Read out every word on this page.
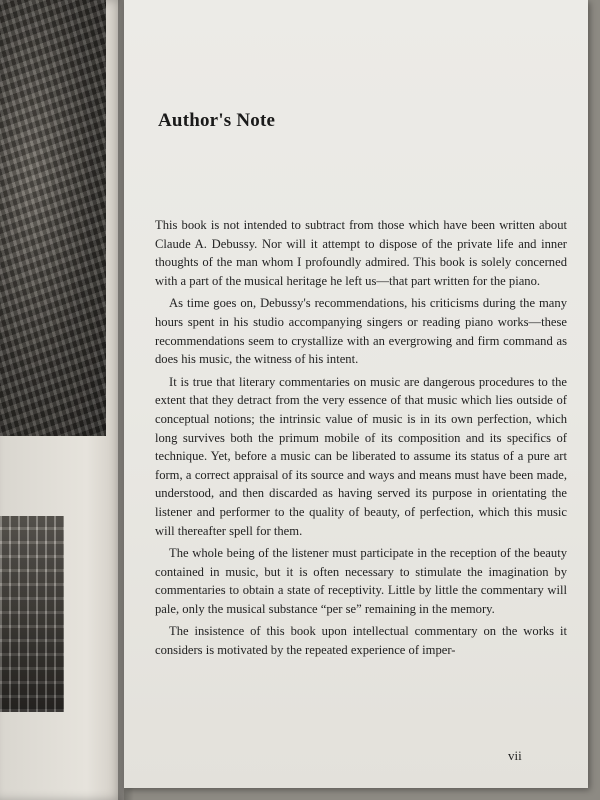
Author's Note

This book is not intended to subtract from those which have been written about Claude A. Debussy. Nor will it attempt to dispose of the private life and inner thoughts of the man whom I profoundly admired. This book is solely concerned with a part of the musical heritage he left us—that part written for the piano.

As time goes on, Debussy's recommendations, his criticisms during the many hours spent in his studio accompanying singers or reading piano works—these recommendations seem to crystallize with an evergrowing and firm command as does his music, the witness of his intent.

It is true that literary commentaries on music are dangerous procedures to the extent that they detract from the very essence of that music which lies outside of conceptual notions; the intrinsic value of music is in its own perfection, which long survives both the primum mobile of its composition and its specifics of technique. Yet, before a music can be liberated to assume its status of a pure art form, a correct appraisal of its source and ways and means must have been made, understood, and then discarded as having served its purpose in orientating the listener and performer to the quality of beauty, of perfection, which this music will thereafter spell for them.

The whole being of the listener must participate in the reception of the beauty contained in music, but it is often necessary to stimulate the imagination by commentaries to obtain a state of receptivity. Little by little the commentary will pale, only the musical substance “per se” remaining in the memory.

The insistence of this book upon intellectual commentary on the works it considers is motivated by the repeated experience of imper-

vii
